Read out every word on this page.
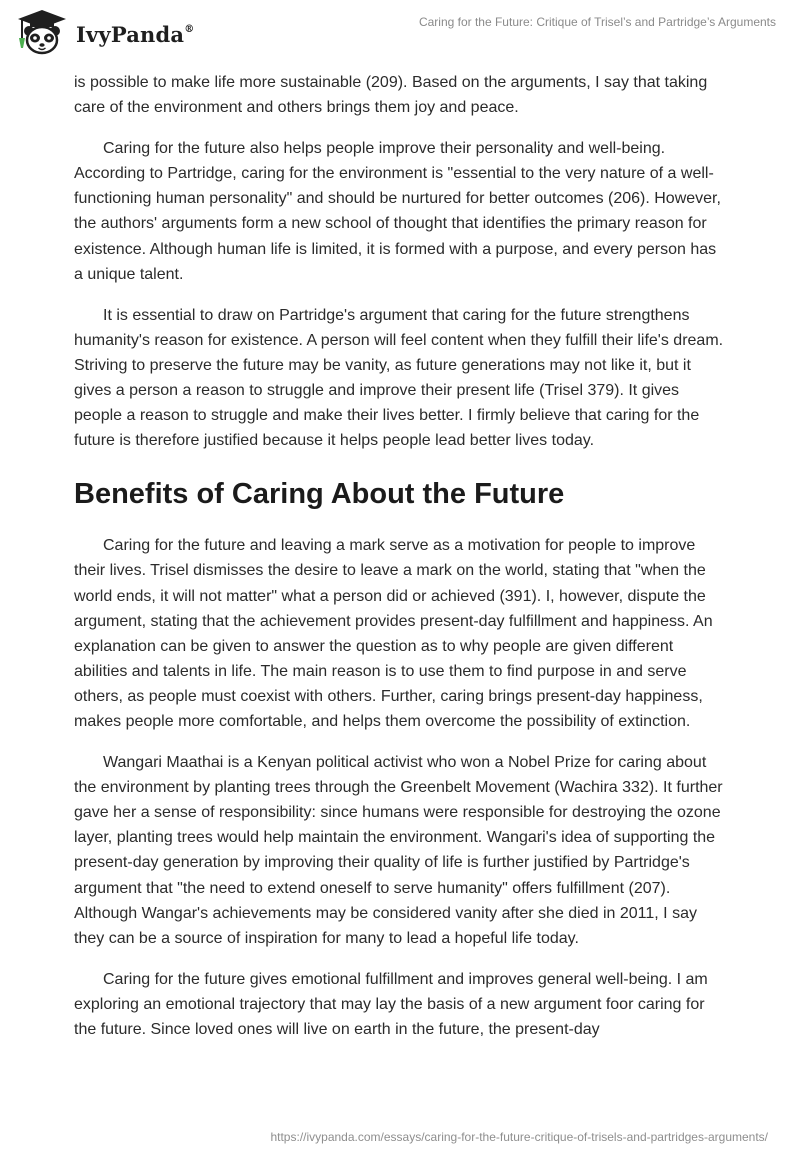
IvyPanda®	Caring for the Future: Critique of Trisel’s and Partridge’s Arguments

is possible to make life more sustainable (209). Based on the arguments, I say that taking care of the environment and others brings them joy and peace.

Caring for the future also helps people improve their personality and well-being. According to Partridge, caring for the environment is "essential to the very nature of a well-functioning human personality" and should be nurtured for better outcomes (206). However, the authors' arguments form a new school of thought that identifies the primary reason for existence. Although human life is limited, it is formed with a purpose, and every person has a unique talent.

It is essential to draw on Partridge's argument that caring for the future strengthens humanity's reason for existence. A person will feel content when they fulfill their life's dream. Striving to preserve the future may be vanity, as future generations may not like it, but it gives a person a reason to struggle and improve their present life (Trisel 379). It gives people a reason to struggle and make their lives better. I firmly believe that caring for the future is therefore justified because it helps people lead better lives today.

Benefits of Caring About the Future

Caring for the future and leaving a mark serve as a motivation for people to improve their lives. Trisel dismisses the desire to leave a mark on the world, stating that "when the world ends, it will not matter" what a person did or achieved (391). I, however, dispute the argument, stating that the achievement provides present-day fulfillment and happiness. An explanation can be given to answer the question as to why people are given different abilities and talents in life. The main reason is to use them to find purpose in and serve others, as people must coexist with others. Further, caring brings present-day happiness, makes people more comfortable, and helps them overcome the possibility of extinction.

Wangari Maathai is a Kenyan political activist who won a Nobel Prize for caring about the environment by planting trees through the Greenbelt Movement (Wachira 332). It further gave her a sense of responsibility: since humans were responsible for destroying the ozone layer, planting trees would help maintain the environment. Wangari's idea of supporting the present-day generation by improving their quality of life is further justified by Partridge's argument that "the need to extend oneself to serve humanity" offers fulfillment (207). Although Wangar's achievements may be considered vanity after she died in 2011, I say they can be a source of inspiration for many to lead a hopeful life today.

Caring for the future gives emotional fulfillment and improves general well-being. I am exploring an emotional trajectory that may lay the basis of a new argument foor caring for the future. Since loved ones will live on earth in the future, the present-day

https://ivypanda.com/essays/caring-for-the-future-critique-of-trisels-and-partridges-arguments/
